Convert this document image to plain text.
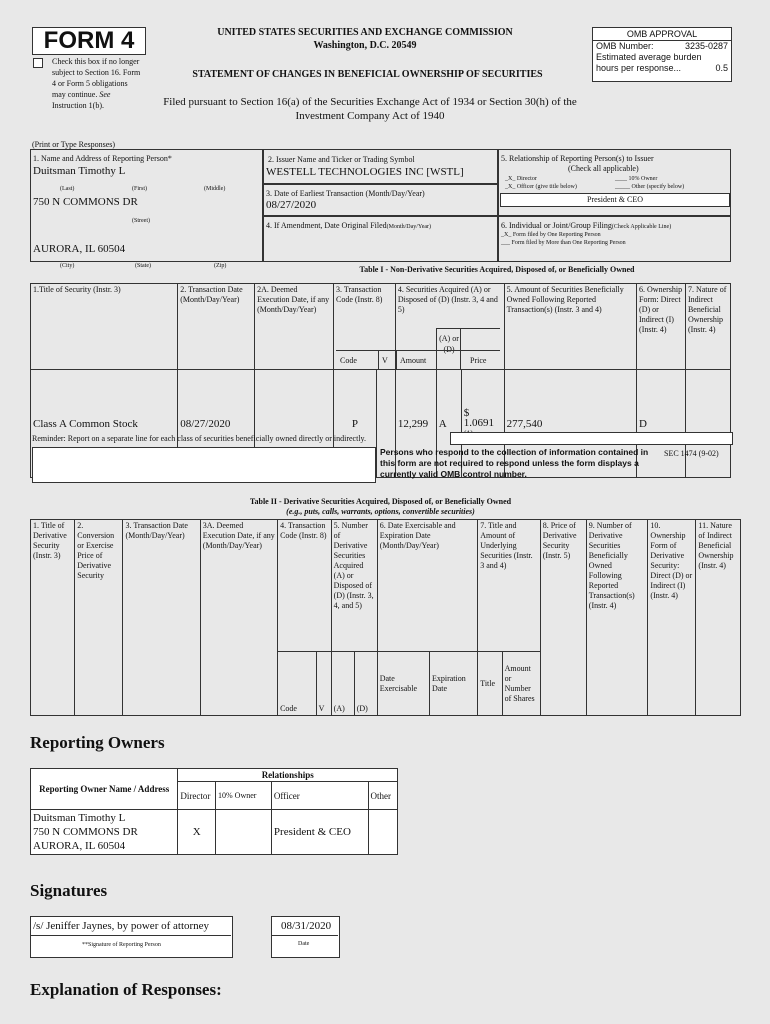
FORM 4
Check this box if no longer subject to Section 16. Form 4 or Form 5 obligations may continue. See Instruction 1(b).
UNITED STATES SECURITIES AND EXCHANGE COMMISSION
Washington, D.C. 20549
STATEMENT OF CHANGES IN BENEFICIAL OWNERSHIP OF SECURITIES
Filed pursuant to Section 16(a) of the Securities Exchange Act of 1934 or Section 30(h) of the Investment Company Act of 1940
OMB APPROVAL
OMB Number:	3235-0287
Estimated average burden
hours per response...	0.5
(Print or Type Responses)
1. Name and Address of Reporting Person*
Duitsman Timothy L
(Last)	(First)	(Middle)
750 N COMMONS DR
(Street)
AURORA, IL 60504
(City)	(State)	(Zip)
2. Issuer Name and Ticker or Trading Symbol
WESTELL TECHNOLOGIES INC [WSTL]
3. Date of Earliest Transaction (Month/Day/Year)
08/27/2020
4. If Amendment, Date Original Filed(Month/Day/Year)
5. Relationship of Reporting Person(s) to Issuer
(Check all applicable)
_X_ Director	____ 10% Owner
_X_ Officer (give title below)	_____ Other (specify below)
President & CEO
6. Individual or Joint/Group Filing(Check Applicable Line)
_X_ Form filed by One Reporting Person
___ Form filed by More than One Reporting Person
Table I - Non-Derivative Securities Acquired, Disposed of, or Beneficially Owned
1.Title of Security (Instr. 3)	2. Transaction Date (Month/Day/Year)	2A. Deemed Execution Date, if any (Month/Day/Year)	3. Transaction Code (Instr. 8)		4. Securities Acquired (A) or Disposed of (D) (Instr. 3, 4 and 5)			5. Amount of Securities Beneficially Owned Following Reported Transaction(s) (Instr. 3 and 4)	6. Ownership Form: Direct (D) or Indirect (I) (Instr. 4)	7. Nature of Indirect Beneficial Ownership (Instr. 4)

Class A Common Stock	08/27/2020		P		12,299	A	$
1.0691	277,540	D	
Code	V Amount
(A) or (D)
Price
Reminder: Report on a separate line for each class of securities beneficially owned directly or indirectly.
Persons who respond to the collection of information contained in this form are not required to respond unless the form displays a currently valid OMB control number.
SEC 1474 (9-02)
Table II - Derivative Securities Acquired, Disposed of, or Beneficially Owned
(e.g., puts, calls, warrants, options, convertible securities)
1. Title of Derivative Security (Instr. 3)	2. Conversion or Exercise Price of Derivative Security	3. Transaction Date (Month/Day/Year)	3A. Deemed Execution Date, if any (Month/Day/Year)	4. Transaction Code (Instr. 8)		5. Number of Derivative Securities Acquired (A) or Disposed of (D) (Instr. 3, 4, and 5)		6. Date Exercisable and Expiration Date (Month/Day/Year)		7. Title and Amount of Underlying Securities (Instr. 3 and 4)		8. Price of Derivative Security (Instr. 5)	9. Number of Derivative Securities Beneficially Owned Following Reported Transaction(s) (Instr. 4)	10. Ownership Form of Derivative Security: Direct (D) or Indirect (I) (Instr. 4)	11. Nature of Indirect Beneficial Ownership (Instr. 4)
				Code	V	(A)	(D)	Date Exercisable	Expiration Date	Title	Amount or Number of Shares				
Reporting Owners
Reporting Owner Name / Address	Relationships			
	Director	10% Owner	Officer	Other
Duitsman Timothy L
750 N COMMONS DR
AURORA, IL 60504	X		President & CEO	
Signatures
/s/ Jeniffer Jaynes, by power of attorney
**Signature of Reporting Person
08/31/2020
Date
Explanation of Responses:
